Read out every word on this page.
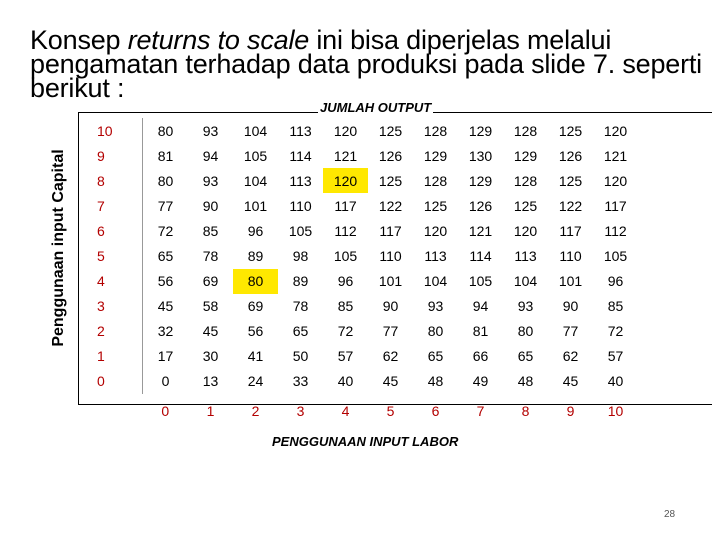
Konsep returns to scale ini bisa diperjelas melalui pengamatan terhadap data produksi pada slide 7. seperti berikut :
JUMLAH OUTPUT
Penggunaan input Capital
10	80	93	104	113	120	125	128	129	128	125	120
9	81	94	105	114	121	126	129	130	129	126	121
8	80	93	104	113	120	125	128	129	128	125	120
7	77	90	101	110	117	122	125	126	125	122	117
6	72	85	96	105	112	117	120	121	120	117	112
5	65	78	89	98	105	110	113	114	113	110	105
4	56	69	80	89	96	101	104	105	104	101	96
3	45	58	69	78	85	90	93	94	93	90	85
2	32	45	56	65	72	77	80	81	80	77	72
1	17	30	41	50	57	62	65	66	65	62	57
0	0	13	24	33	40	45	48	49	48	45	40
	0	1	2	3	4	5	6	7	8	9	10
PENGGUNAAN INPUT LABOR
28
